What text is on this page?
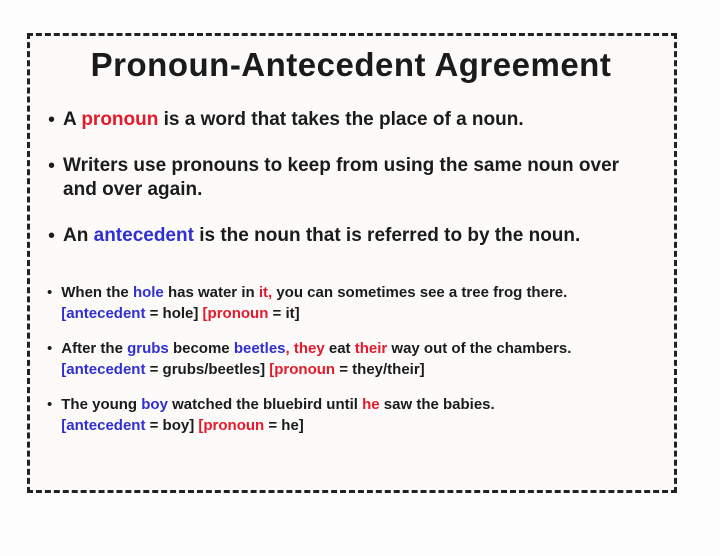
Pronoun-Antecedent Agreement
•
A pronoun is a word that takes the place of a noun.
•
Writers use pronouns to keep from using the same noun over and over again.
•
An antecedent is the noun that is referred to by the noun.
•
When the hole has water in it, you can sometimes see a tree frog there.
[antecedent = hole] [pronoun = it]
•
After the grubs become beetles, they eat their way out of the chambers.
[antecedent = grubs/beetles] [pronoun = they/their]
•
The young boy watched the bluebird until he saw the babies.
[antecedent = boy] [pronoun = he]
